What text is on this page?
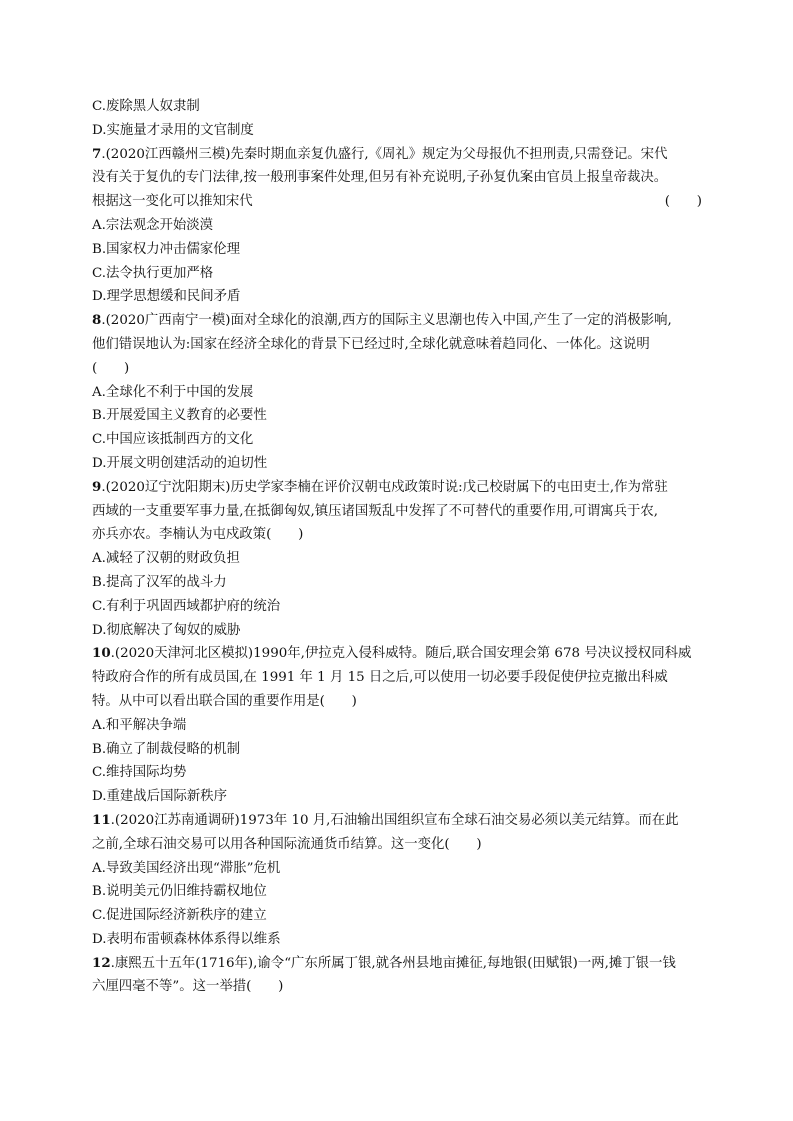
C.废除黑人奴隶制
D.实施量才录用的文官制度
7.(2020江西赣州三模)先秦时期血亲复仇盛行,《周礼》规定为父母报仇不担刑责,只需登记。宋代
没有关于复仇的专门法律,按一般刑事案件处理,但另有补充说明,子孙复仇案由官员上报皇帝裁决。
根据这一变化可以推知宋代	(　　)
A.宗法观念开始淡漠
B.国家权力冲击儒家伦理
C.法令执行更加严格
D.理学思想缓和民间矛盾
8.(2020广西南宁一模)面对全球化的浪潮,西方的国际主义思潮也传入中国,产生了一定的消极影响,
他们错误地认为:国家在经济全球化的背景下已经过时,全球化就意味着趋同化、一体化。这说明
(　　)
A.全球化不利于中国的发展
B.开展爱国主义教育的必要性
C.中国应该抵制西方的文化
D.开展文明创建活动的迫切性
9.(2020辽宁沈阳期末)历史学家李楠在评价汉朝屯戍政策时说:戊己校尉属下的屯田吏士,作为常驻
西域的一支重要军事力量,在抵御匈奴,镇压诸国叛乱中发挥了不可替代的重要作用,可谓寓兵于农,
亦兵亦农。李楠认为屯戍政策(　　)
A.减轻了汉朝的财政负担
B.提高了汉军的战斗力
C.有利于巩固西域都护府的统治
D.彻底解决了匈奴的威胁
10.(2020天津河北区模拟)1990年,伊拉克入侵科威特。随后,联合国安理会第 678 号决议授权同科威
特政府合作的所有成员国,在 1991 年 1 月 15 日之后,可以使用一切必要手段促使伊拉克撤出科威
特。从中可以看出联合国的重要作用是(　　)
A.和平解决争端
B.确立了制裁侵略的机制
C.维持国际均势
D.重建战后国际新秩序
11.(2020江苏南通调研)1973年 10 月,石油输出国组织宣布全球石油交易必须以美元结算。而在此
之前,全球石油交易可以用各种国际流通货币结算。这一变化(　　)
A.导致美国经济出现“滞胀”危机
B.说明美元仍旧维持霸权地位
C.促进国际经济新秩序的建立
D.表明布雷顿森林体系得以维系
12.康熙五十五年(1716年),谕令“广东所属丁银,就各州县地亩摊征,每地银(田赋银)一两,摊丁银一钱
六厘四毫不等”。这一举措(　　)
